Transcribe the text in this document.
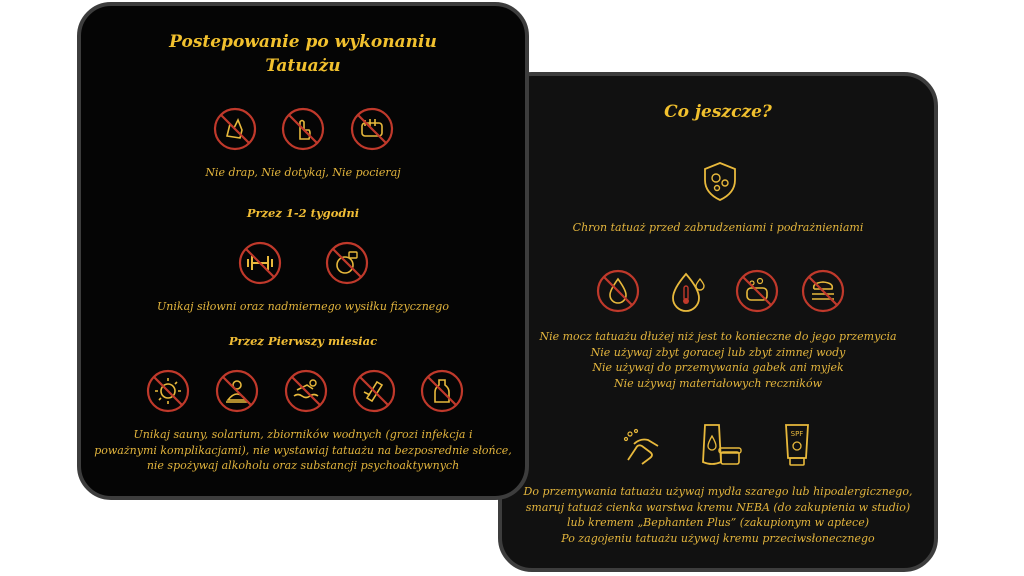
Postepowanie po wykonaniu
Tatuażu
Nie drap, Nie dotykaj, Nie pocieraj
Przez 1-2 tygodni
Unikaj siłowni oraz nadmiernego wysiłku fizycznego
Przez Pierwszy miesiac
Unikaj sauny, solarium, zbiorników wodnych (grozi infekcja i
poważnymi komplikacjami), nie wystawiaj tatuażu na bezposrednie słońce,
nie spożywaj alkoholu oraz substancji psychoaktywnych
Co jeszcze?
Chron tatuaż przed zabrudzeniami i podrażnieniami
Nie mocz tatuażu dłużej niż jest to konieczne do jego przemycia
Nie używaj zbyt goracej lub zbyt zimnej wody
Nie używaj do przemywania gabek ani myjek
Nie używaj materiałowych reczników
SPF
Do przemywania tatuażu używaj mydła szarego lub hipoalergicznego,
smaruj tatuaż cienka warstwa kremu NEBA (do zakupienia w studio)
lub kremem „Bephanten Plus” (zakupionym w aptece)
Po zagojeniu tatuażu używaj kremu przeciwsłonecznego
